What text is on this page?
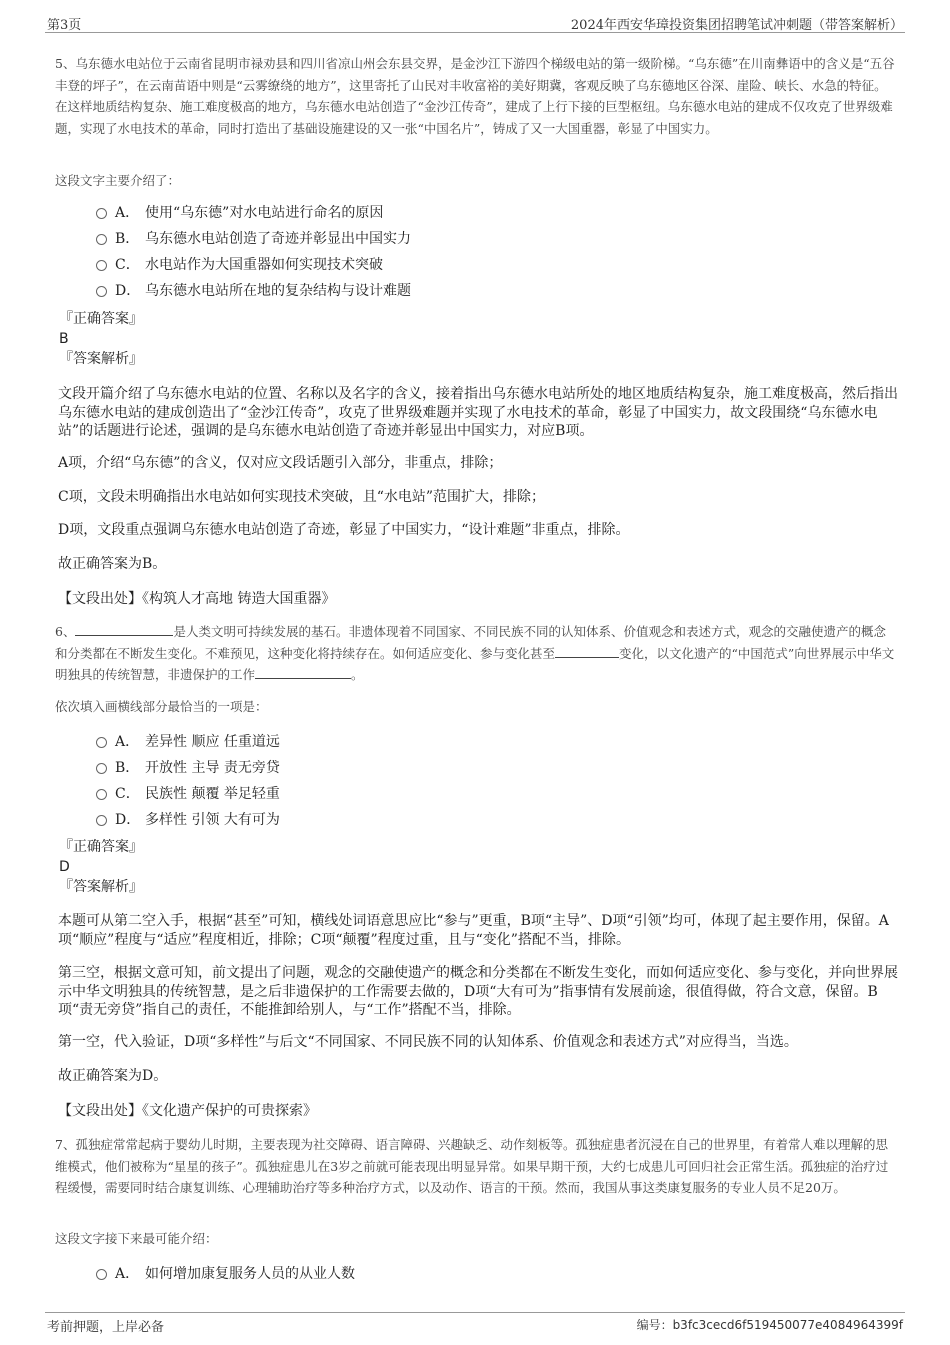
第3页	2024年西安华璋投资集团招聘笔试冲刺题（带答案解析）

5、乌东德水电站位于云南省昆明市禄劝县和四川省凉山州会东县交界，是金沙江下游四个梯级电站的第一级阶梯。“乌东德”在川南彝语中的含义是“五谷丰登的坪子”，在云南苗语中则是“云雾缭绕的地方”，这里寄托了山民对丰收富裕的美好期冀，客观反映了乌东德地区谷深、崖险、峡长、水急的特征。在这样地质结构复杂、施工难度极高的地方，乌东德水电站创造了“金沙江传奇”，建成了上行下接的巨型枢纽。乌东德水电站的建成不仅攻克了世界级难题，实现了水电技术的革命，同时打造出了基础设施建设的又一张“中国名片”，铸成了又一大国重器，彰显了中国实力。

这段文字主要介绍了：

A． 使用“乌东德”对水电站进行命名的原因
B． 乌东德水电站创造了奇迹并彰显出中国实力
C． 水电站作为大国重器如何实现技术突破
D． 乌东德水电站所在地的复杂结构与设计难题

『正确答案』

B

『答案解析』

文段开篇介绍了乌东德水电站的位置、名称以及名字的含义，接着指出乌东德水电站所处的地区地质结构复杂，施工难度极高，然后指出乌东德水电站的建成创造出了“金沙江传奇”，攻克了世界级难题并实现了水电技术的革命，彰显了中国实力，故文段围绕“乌东德水电站”的话题进行论述，强调的是乌东德水电站创造了奇迹并彰显出中国实力，对应B项。

A项，介绍“乌东德”的含义，仅对应文段话题引入部分，非重点，排除；

C项，文段未明确指出水电站如何实现技术突破，且“水电站”范围扩大，排除；

D项，文段重点强调乌东德水电站创造了奇迹，彰显了中国实力，“设计难题”非重点，排除。

故正确答案为B。

【文段出处】《构筑人才高地 铸造大国重器》

6、	是人类文明可持续发展的基石。非遗体现着不同国家、不同民族不同的认知体系、价值观念和表述方式，观念的交融使遗产的概念和分类都在不断发生变化。不难预见，这种变化将持续存在。如何适应变化、参与变化甚至	变化，以文化遗产的“中国范式”向世界展示中华文明独具的传统智慧，非遗保护的工作	。

依次填入画横线部分最恰当的一项是：

A． 差异性 顺应 任重道远
B． 开放性 主导 责无旁贷
C． 民族性 颠覆 举足轻重
D． 多样性 引领 大有可为

『正确答案』

D

『答案解析』

本题可从第二空入手，根据“甚至”可知，横线处词语意思应比“参与”更重，B项“主导”、D项“引领”均可，体现了起主要作用，保留。A项“顺应”程度与“适应”程度相近，排除；C项“颠覆”程度过重，且与“变化”搭配不当，排除。

第三空，根据文意可知，前文提出了问题，观念的交融使遗产的概念和分类都在不断发生变化，而如何适应变化、参与变化，并向世界展示中华文明独具的传统智慧，是之后非遗保护的工作需要去做的，D项“大有可为”指事情有发展前途，很值得做，符合文意，保留。B项“责无旁贷”指自己的责任，不能推卸给别人，与“工作”搭配不当，排除。

第一空，代入验证，D项“多样性”与后文“不同国家、不同民族不同的认知体系、价值观念和表述方式”对应得当，当选。

故正确答案为D。

【文段出处】《文化遗产保护的可贵探索》

7、孤独症常常起病于婴幼儿时期，主要表现为社交障碍、语言障碍、兴趣缺乏、动作刻板等。孤独症患者沉浸在自己的世界里，有着常人难以理解的思维模式，他们被称为“星星的孩子”。孤独症患儿在3岁之前就可能表现出明显异常。如果早期干预，大约七成患儿可回归社会正常生活。孤独症的治疗过程缓慢，需要同时结合康复训练、心理辅助治疗等多种治疗方式，以及动作、语言的干预。然而，我国从事这类康复服务的专业人员不足20万。

这段文字接下来最可能介绍：

A． 如何增加康复服务人员的从业人数
考前押题，上岸必备	编号：b3fc3cecd6f519450077e4084964399f
